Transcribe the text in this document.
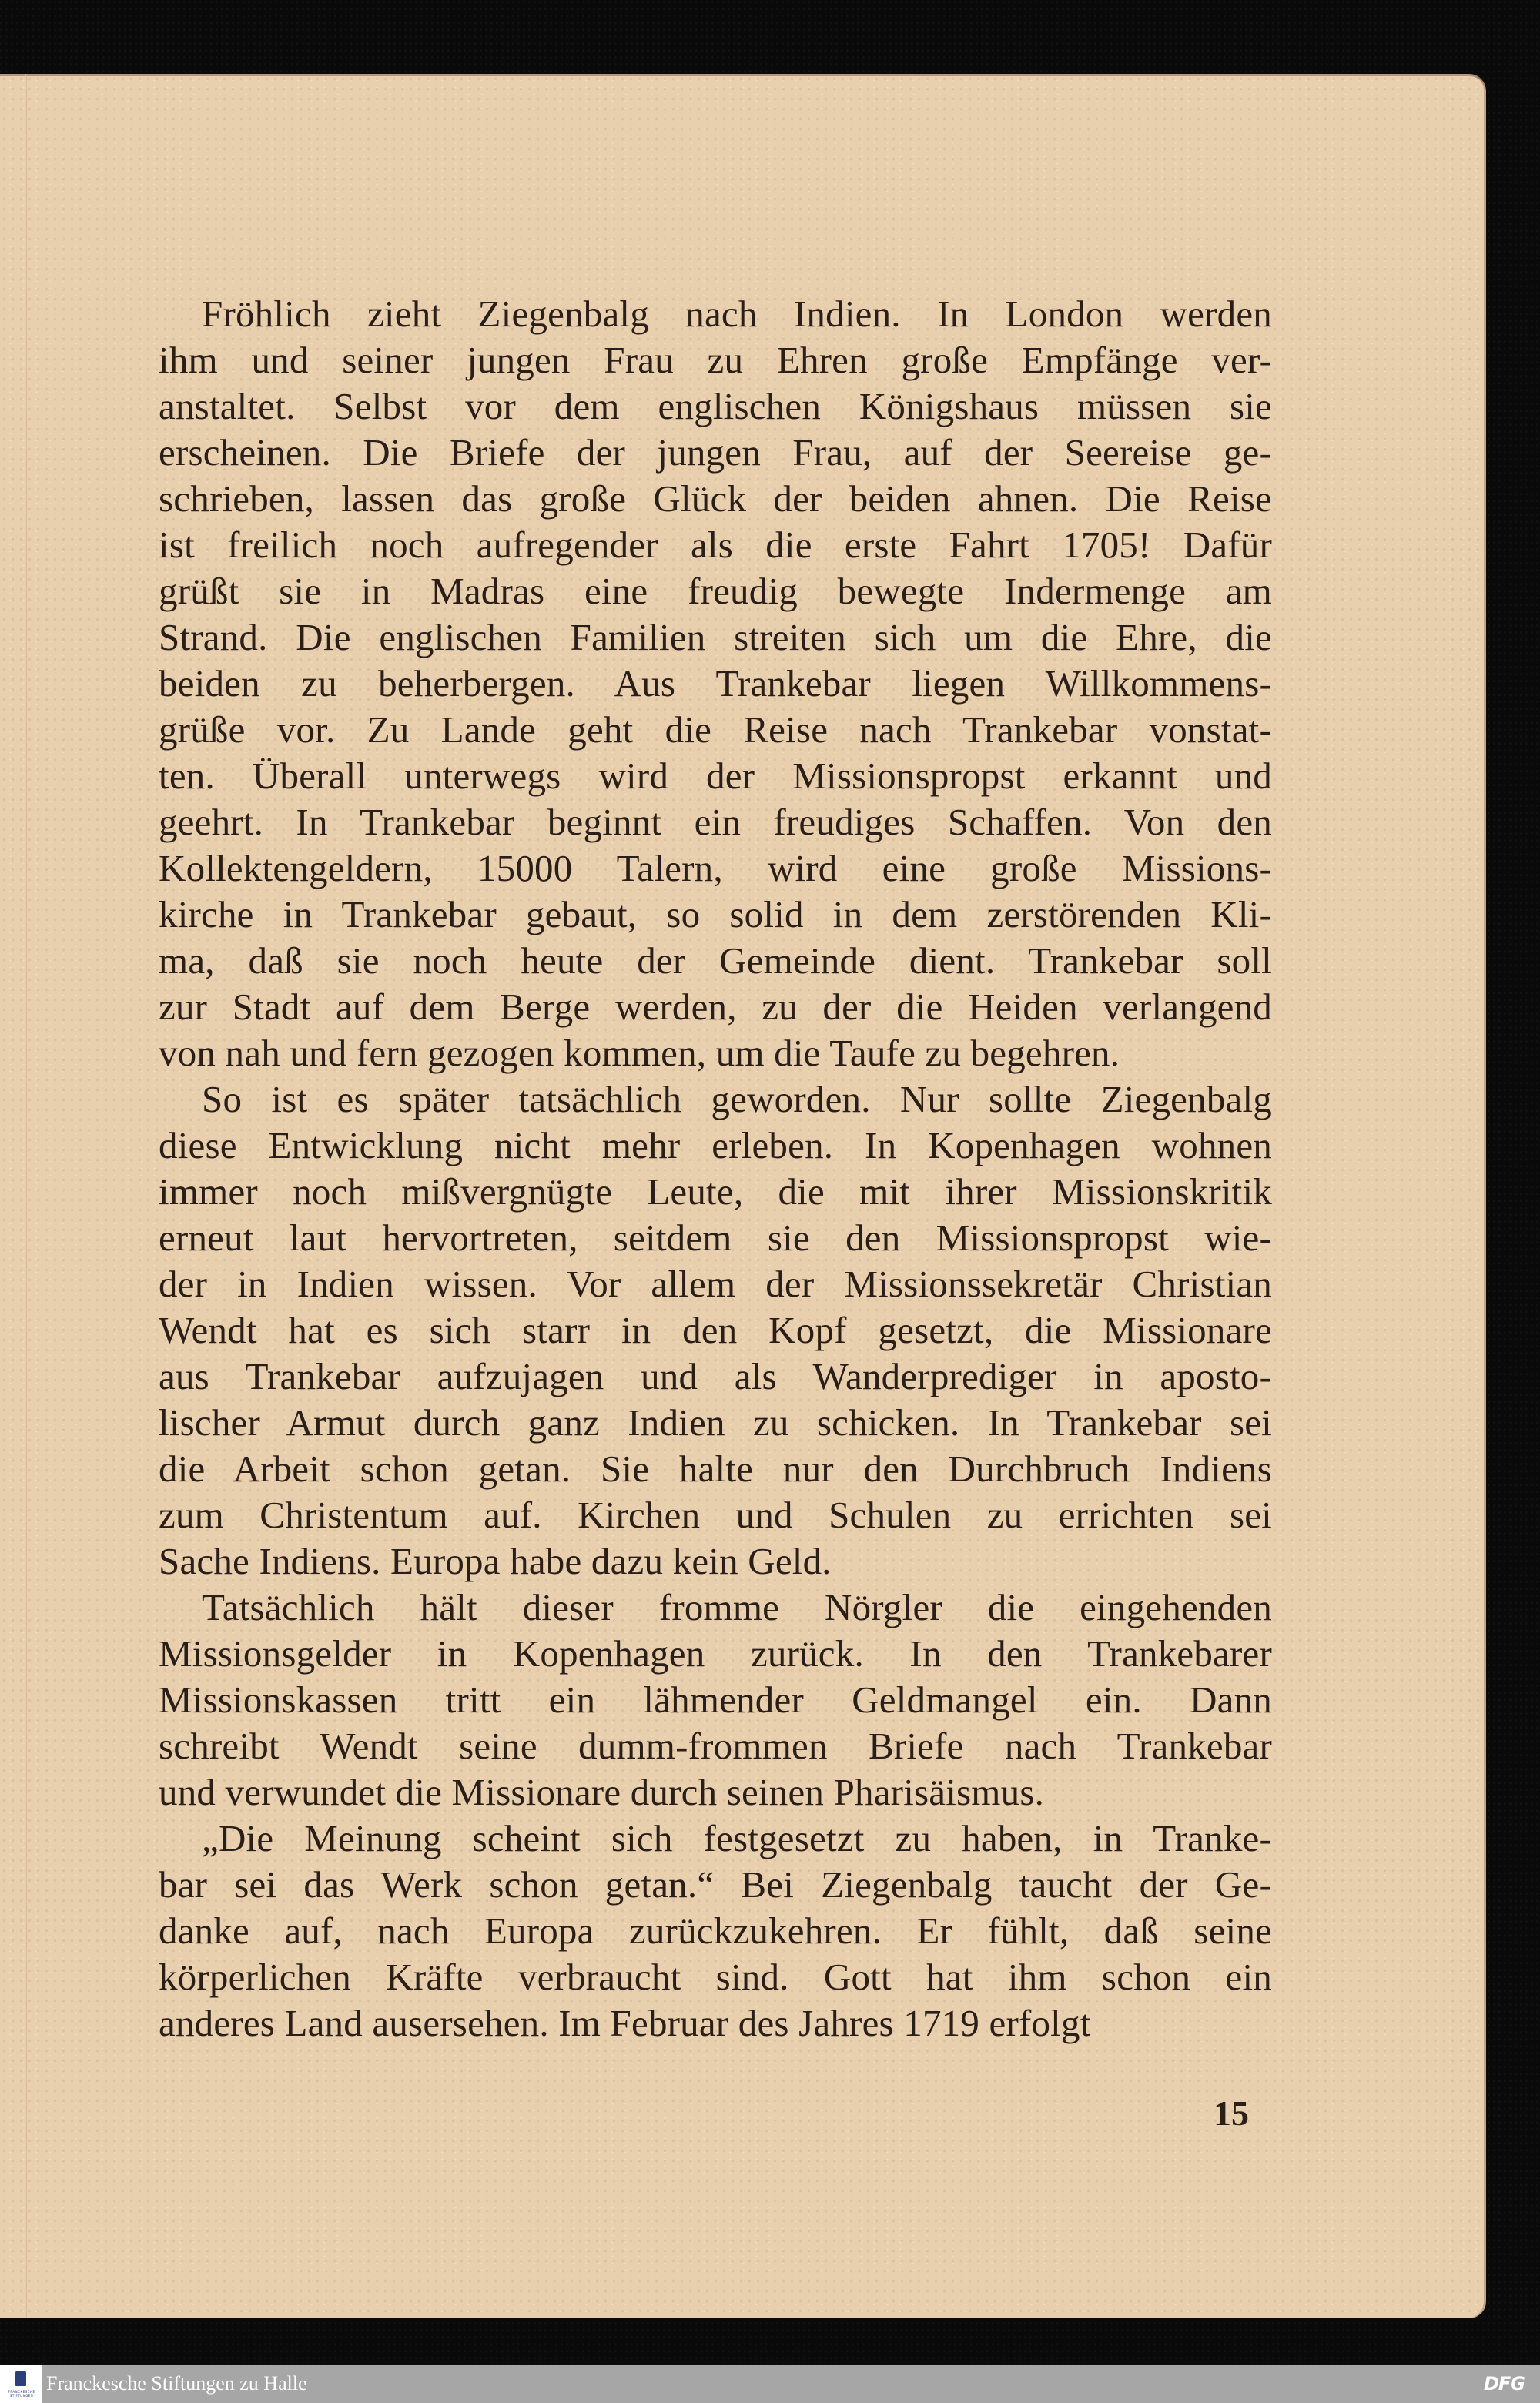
Fröhlich zieht Ziegenbalg nach Indien. In London werden
ihm und seiner jungen Frau zu Ehren große Empfänge ver-
anstaltet. Selbst vor dem englischen Königshaus müssen sie
erscheinen. Die Briefe der jungen Frau, auf der Seereise ge-
schrieben, lassen das große Glück der beiden ahnen. Die Reise
ist freilich noch aufregender als die erste Fahrt 1705! Dafür
grüßt sie in Madras eine freudig bewegte Indermenge am
Strand. Die englischen Familien streiten sich um die Ehre, die
beiden zu beherbergen. Aus Trankebar liegen Willkommens-
grüße vor. Zu Lande geht die Reise nach Trankebar vonstat-
ten. Überall unterwegs wird der Missionspropst erkannt und
geehrt. In Trankebar beginnt ein freudiges Schaffen. Von den
Kollektengeldern, 15000 Talern, wird eine große Missions-
kirche in Trankebar gebaut, so solid in dem zerstörenden Kli-
ma, daß sie noch heute der Gemeinde dient. Trankebar soll
zur Stadt auf dem Berge werden, zu der die Heiden verlangend
von nah und fern gezogen kommen, um die Taufe zu begehren.
So ist es später tatsächlich geworden. Nur sollte Ziegenbalg
diese Entwicklung nicht mehr erleben. In Kopenhagen wohnen
immer noch mißvergnügte Leute, die mit ihrer Missionskritik
erneut laut hervortreten, seitdem sie den Missionspropst wie-
der in Indien wissen. Vor allem der Missionssekretär Christian
Wendt hat es sich starr in den Kopf gesetzt, die Missionare
aus Trankebar aufzujagen und als Wanderprediger in aposto-
lischer Armut durch ganz Indien zu schicken. In Trankebar sei
die Arbeit schon getan. Sie halte nur den Durchbruch Indiens
zum Christentum auf. Kirchen und Schulen zu errichten sei
Sache Indiens. Europa habe dazu kein Geld.
Tatsächlich hält dieser fromme Nörgler die eingehenden
Missionsgelder in Kopenhagen zurück. In den Trankebarer
Missionskassen tritt ein lähmender Geldmangel ein. Dann
schreibt Wendt seine dumm-frommen Briefe nach Trankebar
und verwundet die Missionare durch seinen Pharisäismus.
„Die Meinung scheint sich festgesetzt zu haben, in Tranke-
bar sei das Werk schon getan.“ Bei Ziegenbalg taucht der Ge-
danke auf, nach Europa zurückzukehren. Er fühlt, daß seine
körperlichen Kräfte verbraucht sind. Gott hat ihm schon ein
anderes Land ausersehen. Im Februar des Jahres 1719 erfolgt
15
FRANCKESCHE STIFTUNGEN
Franckesche Stiftungen zu Halle	DFG
